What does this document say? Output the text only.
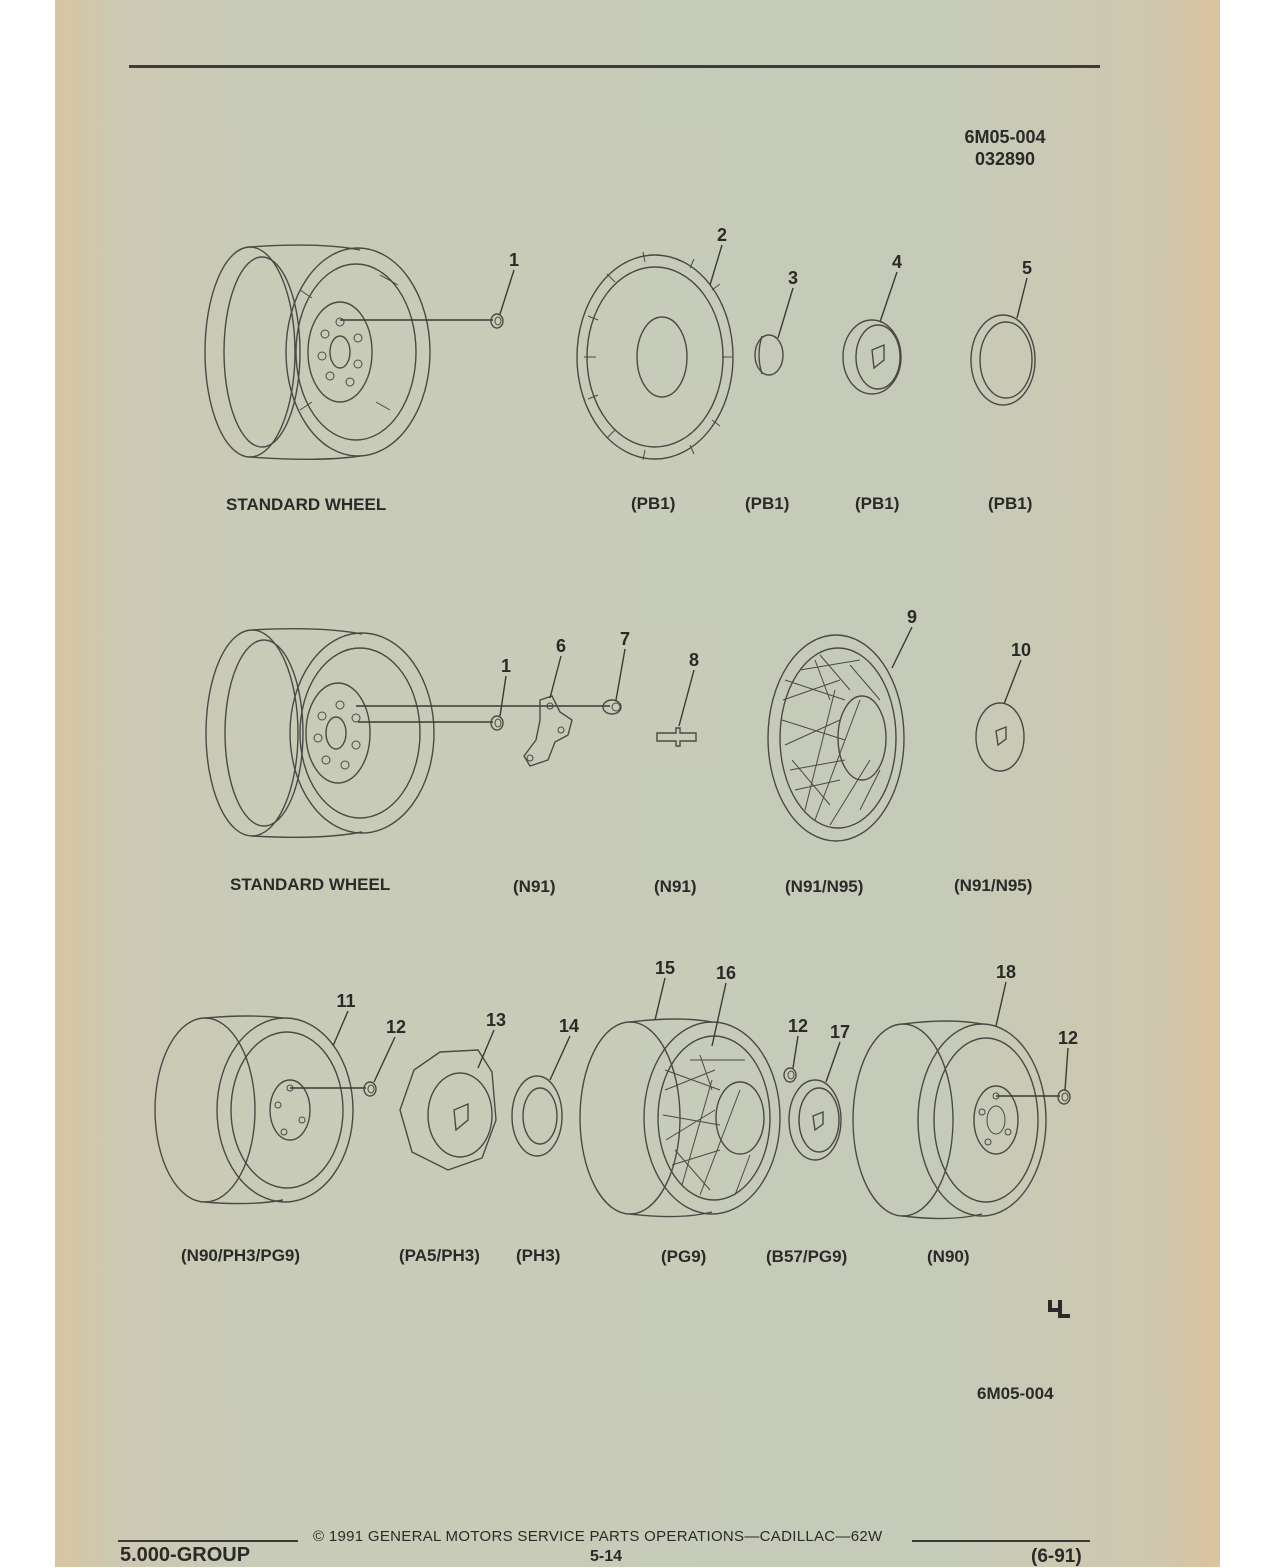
6M05-004
032890
1
2
3
4	5
1
6	7
8
9
10
11
12	13	14
15 16
12 17
18
12
STANDARD WHEEL	(PB1)	(PB1)	(PB1)	(PB1)
STANDARD WHEEL	(N91)	(N91)	(N91/N95)	(N91/N95)
(N90/PH3/PG9)	(PA5/PH3) (PH3)	(PG9)	(B57/PG9)	(N90)
6M05-004
© 1991 GENERAL MOTORS SERVICE PARTS OPERATIONS—CADILLAC—62W
5.000-GROUP	5-14	(6-91)
